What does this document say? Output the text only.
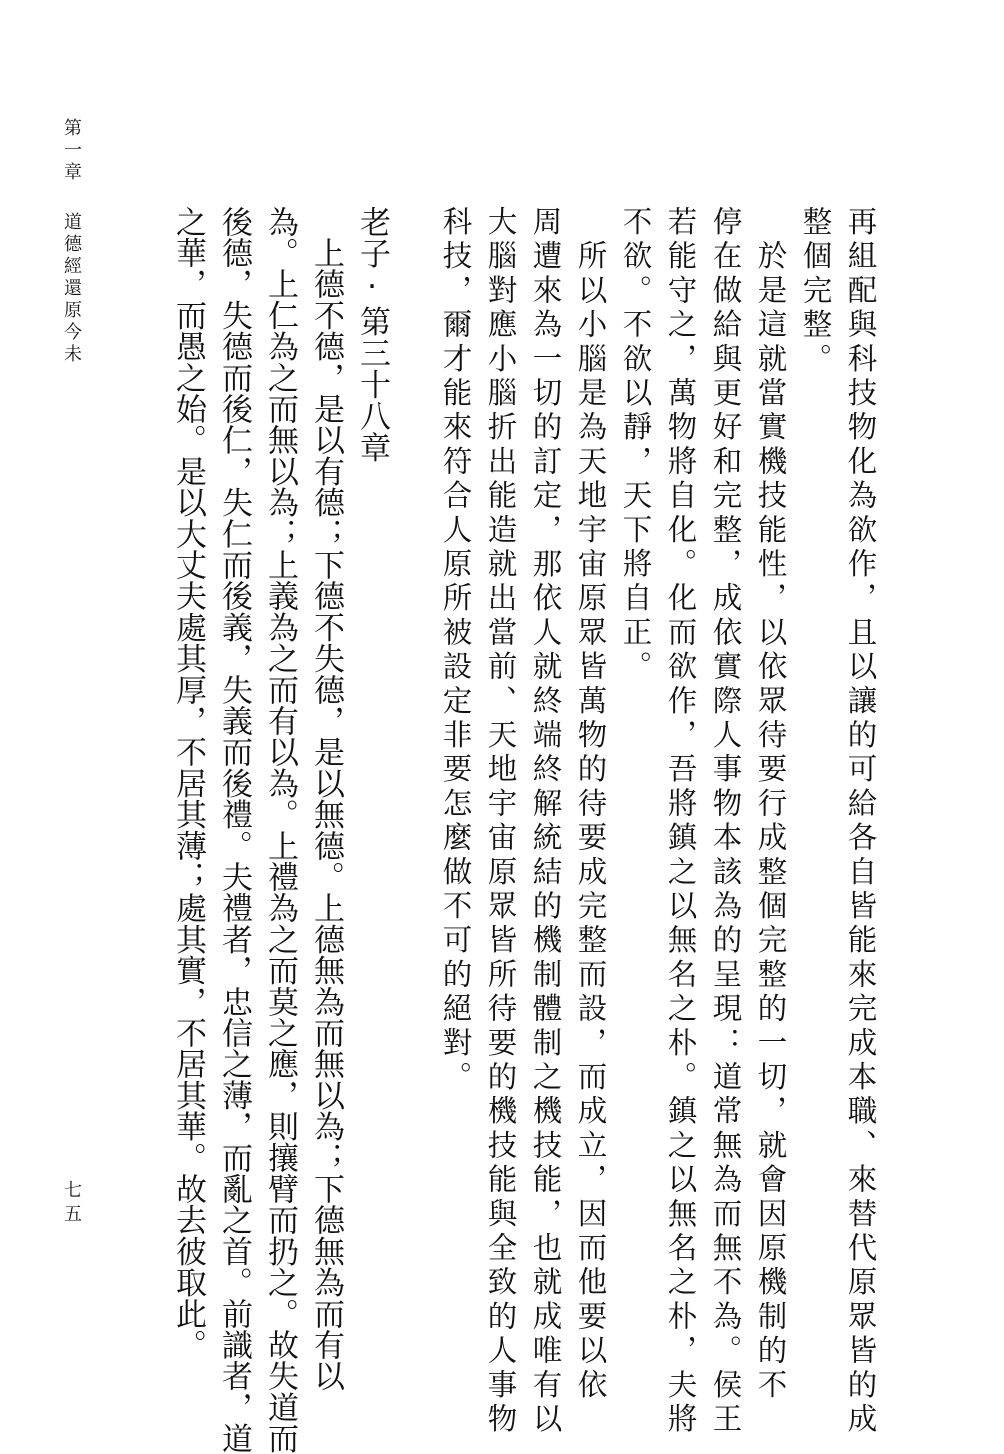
第一章
道德經還原今未
七五	再組配與科技物化為欲作，且以讓的可給各自皆能來完成本職、來替代原眾皆的成
整個完整。
　於是這就當實機技能性，以依眾待要行成整個完整的一切，就會因原機制的不
停在做給與更好和完整，成依實際人事物本該為的呈現：道常無為而無不為。侯王
若能守之，萬物將自化。化而欲作，吾將鎮之以無名之朴。鎮之以無名之朴，夫將
不欲。不欲以靜，天下將自正。
　所以小腦是為天地宇宙原眾皆萬物的待要成完整而設，而成立，因而他要以依
周遭來為一切的訂定，那依人就終端終解統結的機制體制之機技能，也就成唯有以
大腦對應小腦折出能造就出當前、天地宇宙原眾皆所待要的機技能與全致的人事物
科技，爾才能來符合人原所被設定非要怎麼做不可的絕對。
老子·第三十八章
　上德不德，是以有德；下德不失德，是以無德。上德無為而無以為；下德無為而有以
為。上仁為之而無以為；上義為之而有以為。上禮為之而莫之應，則攘臂而扔之。故失道而
後德，失德而後仁，失仁而後義，失義而後禮。夫禮者，忠信之薄，而亂之首。前識者，道
之華，而愚之始。是以大丈夫處其厚，不居其薄；處其實，不居其華。故去彼取此。
